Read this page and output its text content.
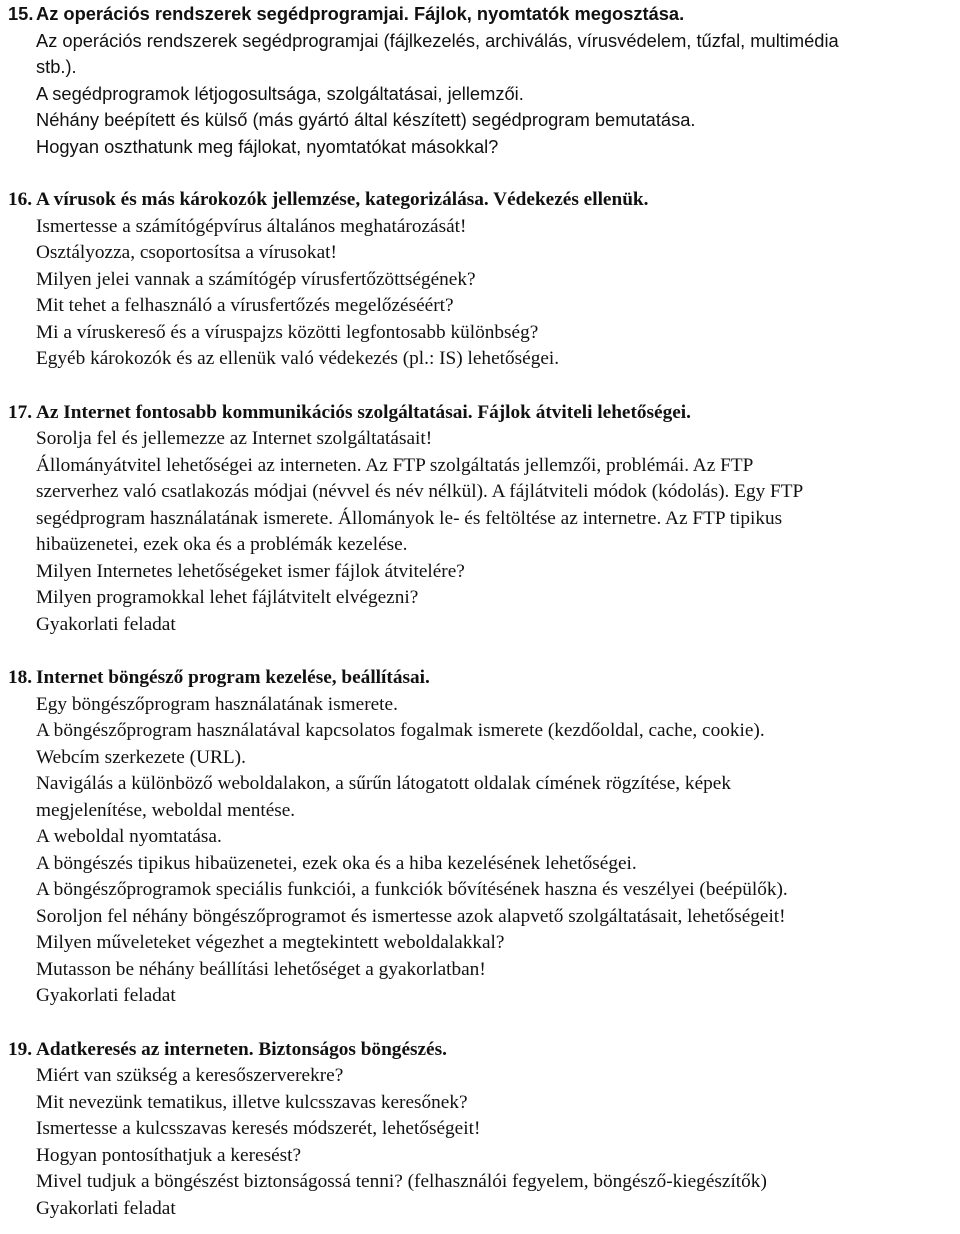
15. Az operációs rendszerek segédprogramjai. Fájlok, nyomtatók megosztása.
Az operációs rendszerek segédprogramjai (fájlkezelés, archiválás, vírusvédelem, tűzfal, multimédia
stb.).
A segédprogramok létjogosultsága, szolgáltatásai, jellemzői.
Néhány beépített és külső (más gyártó által készített) segédprogram bemutatása.
Hogyan oszthatunk meg fájlokat, nyomtatókat másokkal?
16. A vírusok és más károkozók jellemzése, kategorizálása. Védekezés ellenük.
Ismertesse a számítógépvírus általános meghatározását!
Osztályozza, csoportosítsa a vírusokat!
Milyen jelei vannak a számítógép vírusfertőzöttségének?
Mit tehet a felhasználó a vírusfertőzés megelőzéséért?
Mi a víruskereső és a víruspajzs közötti legfontosabb különbség?
Egyéb károkozók és az ellenük való védekezés (pl.: IS) lehetőségei.
17. Az Internet fontosabb kommunikációs szolgáltatásai. Fájlok átviteli lehetőségei.
Sorolja fel és jellemezze az Internet szolgáltatásait!
Állományátvitel lehetőségei az interneten. Az FTP szolgáltatás jellemzői, problémái. Az FTP
szerverhez való csatlakozás módjai (névvel és név nélkül). A fájlátviteli módok (kódolás). Egy FTP
segédprogram használatának ismerete. Állományok le- és feltöltése az internetre. Az FTP tipikus
hibaüzenetei, ezek oka és a problémák kezelése.
Milyen Internetes lehetőségeket ismer fájlok átvitelére?
Milyen programokkal lehet fájlátvitelt elvégezni?
Gyakorlati feladat
18. Internet böngésző program kezelése, beállításai.
Egy böngészőprogram használatának ismerete.
A böngészőprogram használatával kapcsolatos fogalmak ismerete (kezdőoldal, cache, cookie).
Webcím szerkezete (URL).
Navigálás a különböző weboldalakon, a sűrűn látogatott oldalak címének rögzítése, képek
megjelenítése, weboldal mentése.
A weboldal nyomtatása.
A böngészés tipikus hibaüzenetei, ezek oka és a hiba kezelésének lehetőségei.
A böngészőprogramok speciális funkciói, a funkciók bővítésének haszna és veszélyei (beépülők).
Soroljon fel néhány böngészőprogramot és ismertesse azok alapvető szolgáltatásait, lehetőségeit!
Milyen műveleteket végezhet a megtekintett weboldalakkal?
Mutasson be néhány beállítási lehetőséget a gyakorlatban!
Gyakorlati feladat
19. Adatkeresés az interneten. Biztonságos böngészés.
Miért van szükség a keresőszerverekre?
Mit nevezünk tematikus, illetve kulcsszavas keresőnek?
Ismertesse a kulcsszavas keresés módszerét, lehetőségeit!
Hogyan pontosíthatjuk a keresést?
Mivel tudjuk a böngészést biztonságossá tenni? (felhasználói fegyelem, böngésző-kiegészítők)
Gyakorlati feladat
